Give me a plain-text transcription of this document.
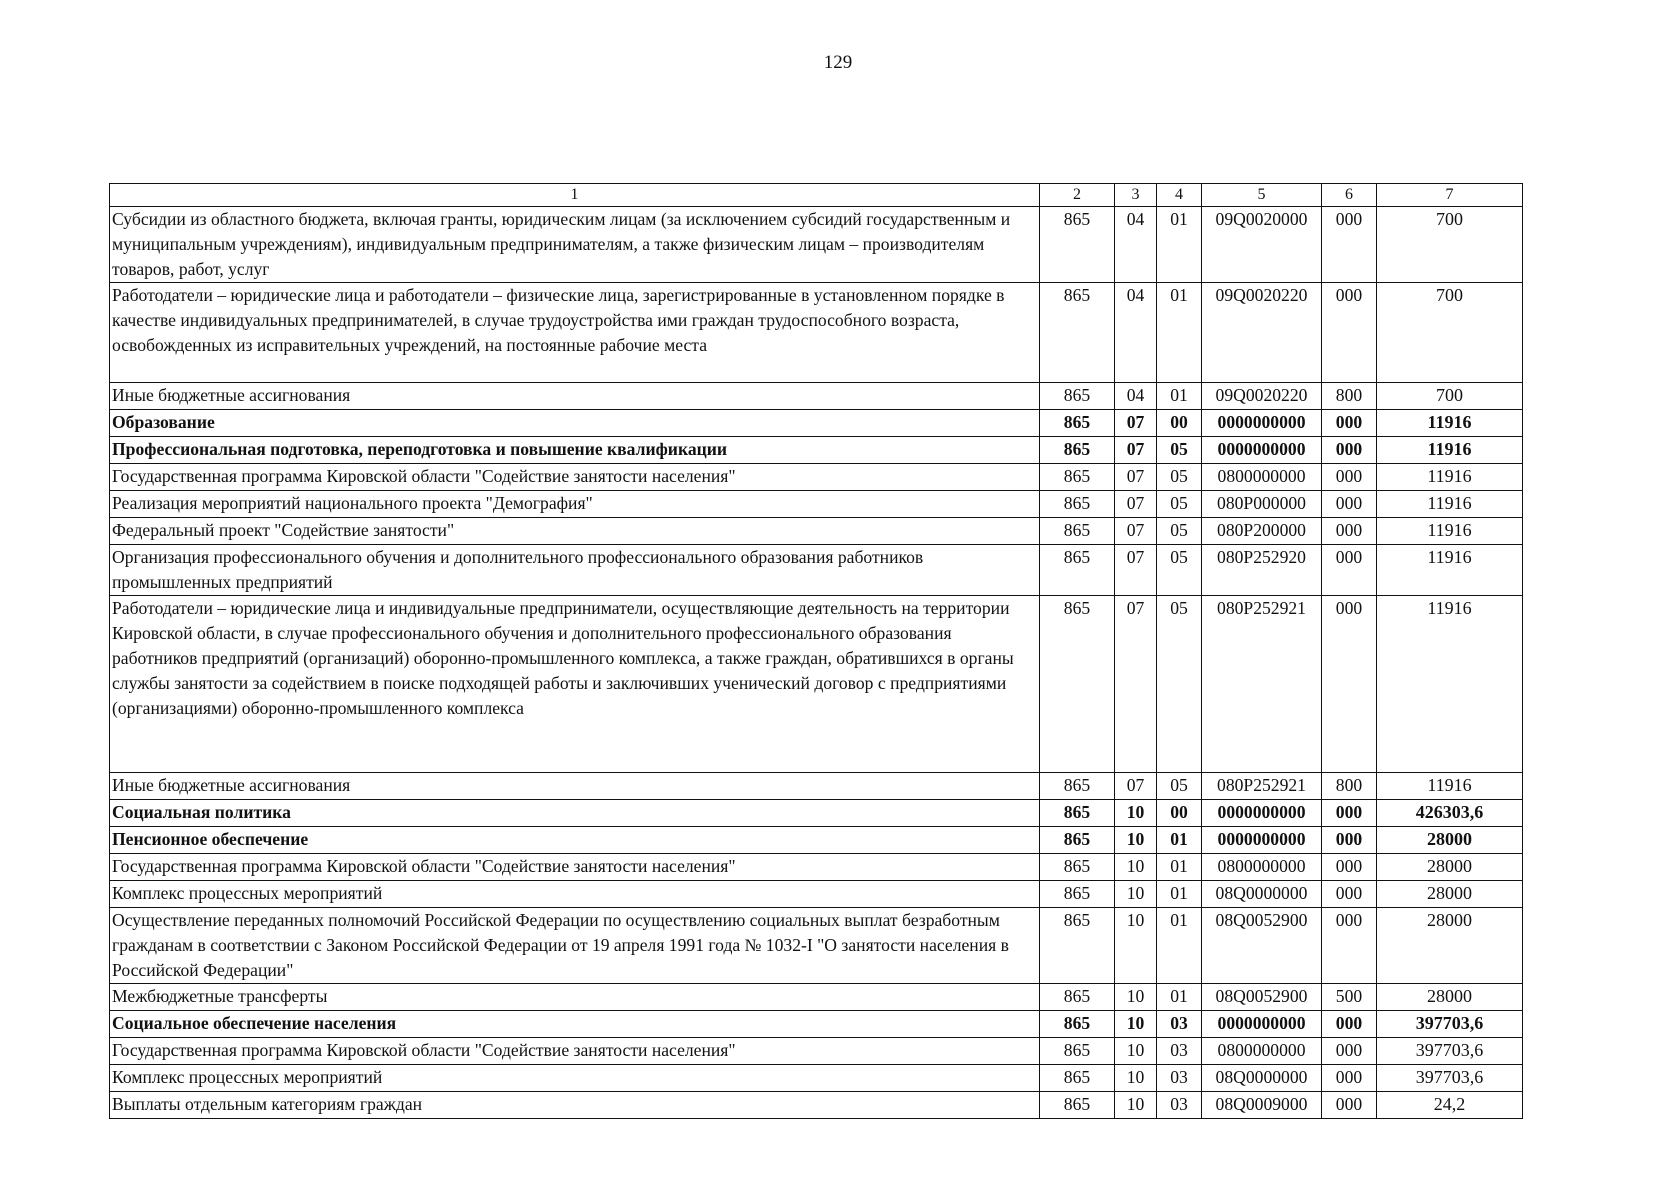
129
1	2	3	4	5	6	7
Субсидии из областного бюджета, включая гранты, юридическим лицам (за исключением субсидий государственным и муниципальным учреждениям), индивидуальным предпринимателям, а также физическим лицам – производителям товаров, работ, услуг	865	04	01	09Q0020000	000	700
Работодатели – юридические лица и работодатели – физические лица, зарегистрированные в установленном порядке в качестве индивидуальных предпринимателей, в случае трудоустройства ими граждан трудоспособного возраста, освобожденных из исправительных учреждений, на постоянные рабочие места	865	04	01	09Q0020220	000	700
Иные бюджетные ассигнования	865	04	01	09Q0020220	800	700
Образование	865	07	00	0000000000	000	11916
Профессиональная подготовка, переподготовка и повышение квалификации	865	07	05	0000000000	000	11916
Государственная программа Кировской области "Содействие занятости населения"	865	07	05	0800000000	000	11916
Реализация мероприятий национального проекта "Демография"	865	07	05	080P000000	000	11916
Федеральный проект "Содействие занятости"	865	07	05	080P200000	000	11916
Организация профессионального обучения и дополнительного профессионального образования работников промышленных предприятий	865	07	05	080P252920	000	11916
Работодатели – юридические лица и индивидуальные предприниматели, осуществляющие деятельность на территории Кировской области, в случае профессионального обучения и дополнительного профессионального образования работников предприятий (организаций) оборонно-промышленного комплекса, а также граждан, обратившихся в органы службы занятости за содействием в поиске подходящей работы и заключивших ученический договор с предприятиями (организациями) оборонно-промышленного комплекса	865	07	05	080P252921	000	11916
Иные бюджетные ассигнования	865	07	05	080P252921	800	11916
Социальная политика	865	10	00	0000000000	000	426303,6
Пенсионное обеспечение	865	10	01	0000000000	000	28000
Государственная программа Кировской области "Содействие занятости населения"	865	10	01	0800000000	000	28000
Комплекс процессных мероприятий	865	10	01	08Q0000000	000	28000
Осуществление переданных полномочий Российской Федерации по осуществлению социальных выплат безработным гражданам в соответствии с Законом Российской Федерации от 19 апреля 1991 года № 1032-I "О занятости населения в Российской Федерации"	865	10	01	08Q0052900	000	28000
Межбюджетные трансферты	865	10	01	08Q0052900	500	28000
Социальное обеспечение населения	865	10	03	0000000000	000	397703,6
Государственная программа Кировской области "Содействие занятости населения"	865	10	03	0800000000	000	397703,6
Комплекс процессных мероприятий	865	10	03	08Q0000000	000	397703,6
Выплаты отдельным категориям граждан	865	10	03	08Q0009000	000	24,2
